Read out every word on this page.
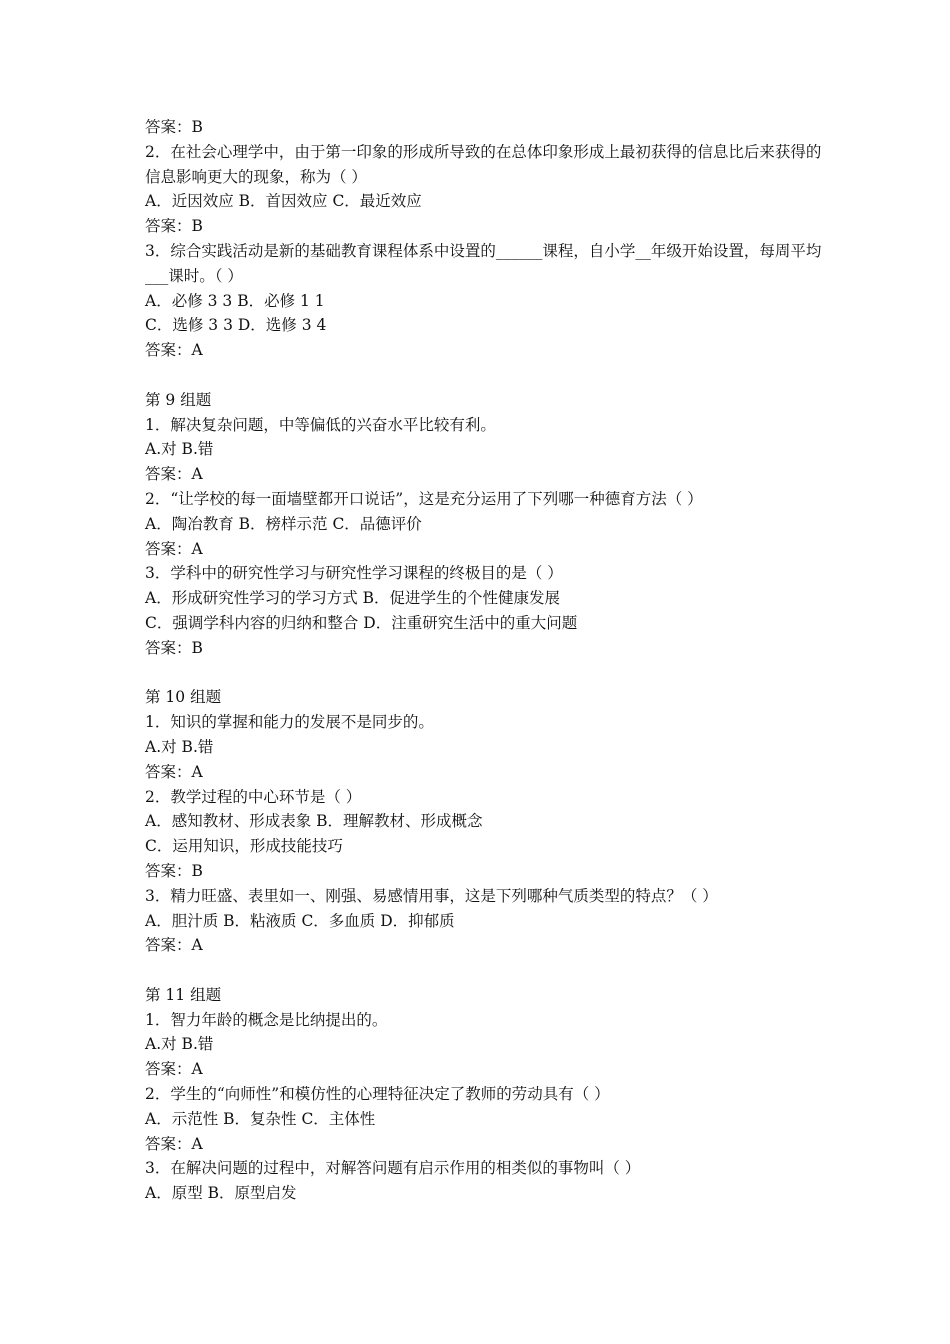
答案：B
2．在社会心理学中，由于第一印象的形成所导致的在总体印象形成上最初获得的信息比后来获得的信息影响更大的现象，称为（ ）
A．近因效应 B．首因效应 C．最近效应
答案：B
3．综合实践活动是新的基础教育课程体系中设置的______课程，自小学__年级开始设置，每周平均___课时。（ ）
A．必修 3 3 B．必修 1 1
C．选修 3 3 D．选修 3 4
答案：A
第 9 组题
1．解决复杂问题，中等偏低的兴奋水平比较有利。
A.对 B.错
答案：A
2．“让学校的每一面墙壁都开口说话”，这是充分运用了下列哪一种德育方法（ ）
A．陶冶教育 B．榜样示范 C．品德评价
答案：A
3．学科中的研究性学习与研究性学习课程的终极目的是（ ）
A．形成研究性学习的学习方式 B．促进学生的个性健康发展
C．强调学科内容的归纳和整合 D．注重研究生活中的重大问题
答案：B
第 10 组题
1．知识的掌握和能力的发展不是同步的。
A.对 B.错
答案：A
2．教学过程的中心环节是（ ）
A．感知教材、形成表象 B．理解教材、形成概念
C．运用知识，形成技能技巧
答案：B
3．精力旺盛、表里如一、刚强、易感情用事，这是下列哪种气质类型的特点？（ ）
A．胆汁质 B．粘液质 C．多血质 D．抑郁质
答案：A
第 11 组题
1．智力年龄的概念是比纳提出的。
A.对 B.错
答案：A
2．学生的“向师性”和模仿性的心理特征决定了教师的劳动具有（ ）
A．示范性 B．复杂性 C．主体性
答案：A
3．在解决问题的过程中，对解答问题有启示作用的相类似的事物叫（ ）
A．原型 B．原型启发
